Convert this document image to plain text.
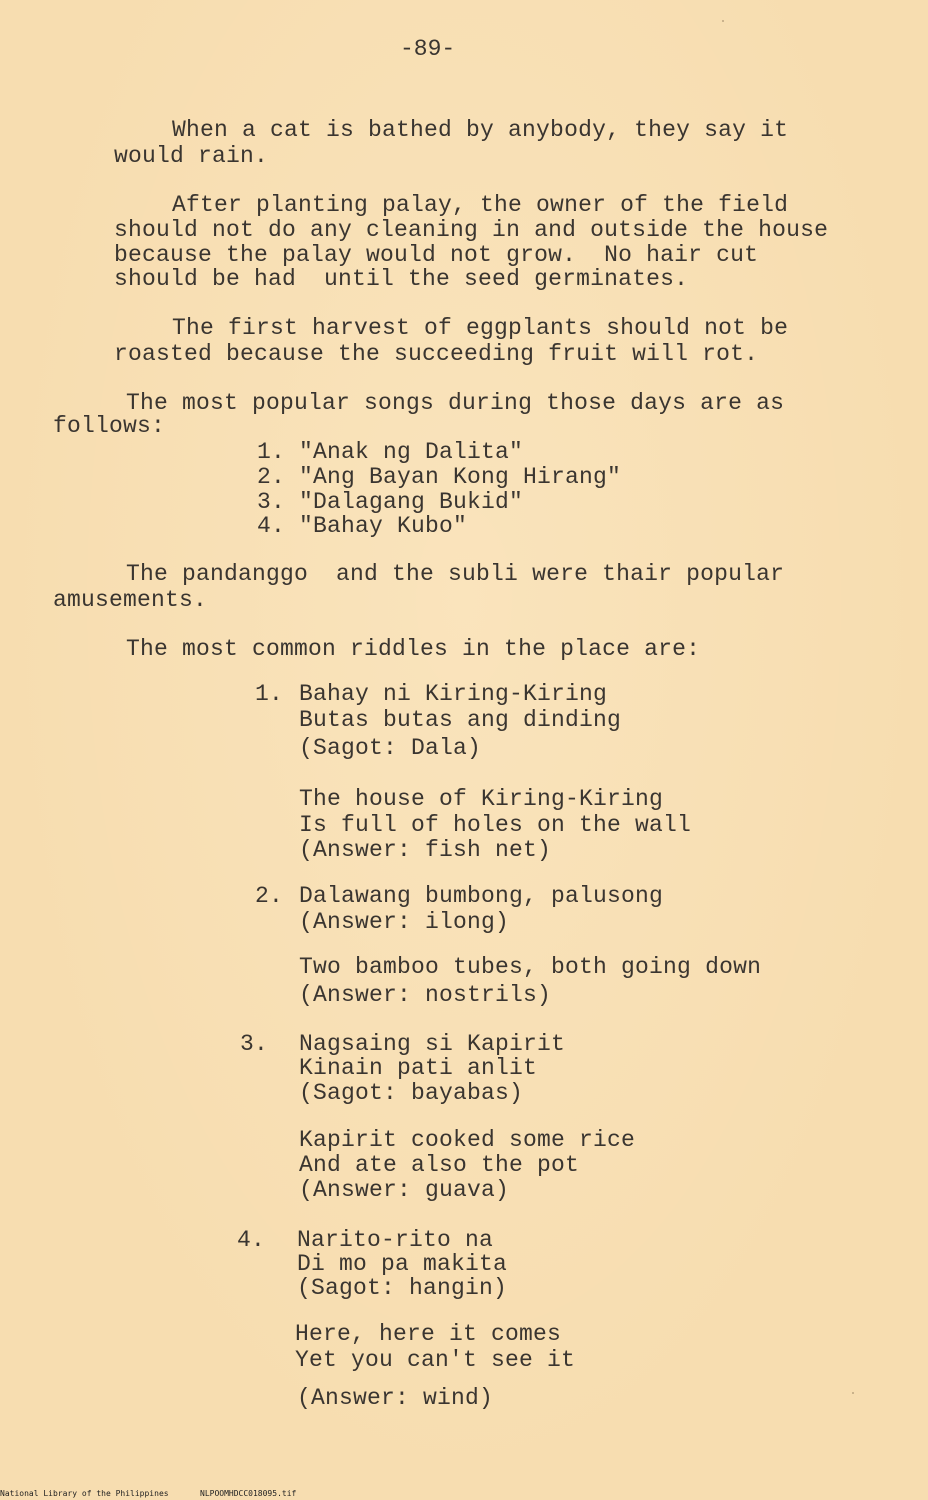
-89-
When a cat is bathed by anybody, they say it
would rain.
After planting palay, the owner of the field
should not do any cleaning in and outside the house
because the palay would not grow.  No hair cut
should be had  until the seed germinates.
The first harvest of eggplants should not be
roasted because the succeeding fruit will rot.
The most popular songs during those days are as
follows:
1. "Anak ng Dalita"
2. "Ang Bayan Kong Hirang"
3. "Dalagang Bukid"
4. "Bahay Kubo"
The pandanggo  and the subli were thair popular
amusements.
The most common riddles in the place are:
1. Bahay ni Kiring-Kiring
Butas butas ang dinding
(Sagot: Dala)
The house of Kiring-Kiring
Is full of holes on the wall
(Answer: fish net)
2. Dalawang bumbong, palusong
(Answer: ilong)
Two bamboo tubes, both going down
(Answer: nostrils)
3. Nagsaing si Kapirit
Kinain pati anlit
(Sagot: bayabas)
Kapirit cooked some rice
And ate also the pot
(Answer: guava)
4. Narito-rito na
Di mo pa makita
(Sagot: hangin)
Here, here it comes
Yet you can't see it
(Answer: wind)
National Library of the Philippines	NLPOOMHDCC018095.tif
